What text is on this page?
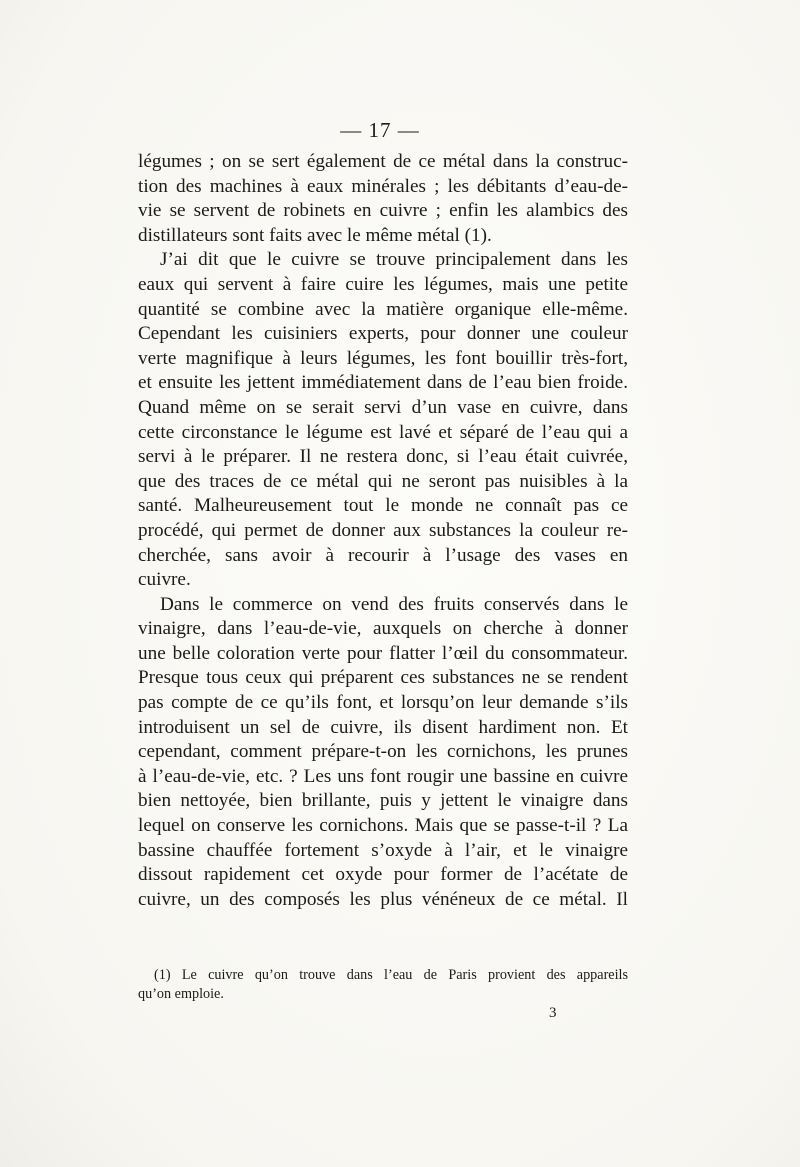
— 17 —
légumes ; on se sert également de ce métal dans la construc-
tion des machines à eaux minérales ; les débitants d’eau-de-
vie se servent de robinets en cuivre ; enfin les alambics des
distillateurs sont faits avec le même métal (1).
J’ai dit que le cuivre se trouve principalement dans les
eaux qui servent à faire cuire les légumes, mais une petite
quantité se combine avec la matière organique elle-même.
Cependant les cuisiniers experts, pour donner une couleur
verte magnifique à leurs légumes, les font bouillir très-fort,
et ensuite les jettent immédiatement dans de l’eau bien froide.
Quand même on se serait servi d’un vase en cuivre, dans
cette circonstance le légume est lavé et séparé de l’eau qui a
servi à le préparer. Il ne restera donc, si l’eau était cuivrée,
que des traces de ce métal qui ne seront pas nuisibles à la
santé. Malheureusement tout le monde ne connaît pas ce
procédé, qui permet de donner aux substances la couleur re-
cherchée, sans avoir à recourir à l’usage des vases en
cuivre.
Dans le commerce on vend des fruits conservés dans le
vinaigre, dans l’eau-de-vie, auxquels on cherche à donner
une belle coloration verte pour flatter l’œil du consommateur.
Presque tous ceux qui préparent ces substances ne se rendent
pas compte de ce qu’ils font, et lorsqu’on leur demande s’ils
introduisent un sel de cuivre, ils disent hardiment non. Et
cependant, comment prépare-t-on les cornichons, les prunes
à l’eau-de-vie, etc. ? Les uns font rougir une bassine en cuivre
bien nettoyée, bien brillante, puis y jettent le vinaigre dans
lequel on conserve les cornichons. Mais que se passe-t-il ? La
bassine chauffée fortement s’oxyde à l’air, et le vinaigre
dissout rapidement cet oxyde pour former de l’acétate de
cuivre, un des composés les plus vénéneux de ce métal. Il
(1) Le cuivre qu’on trouve dans l’eau de Paris provient des appareils
qu’on emploie.
3
